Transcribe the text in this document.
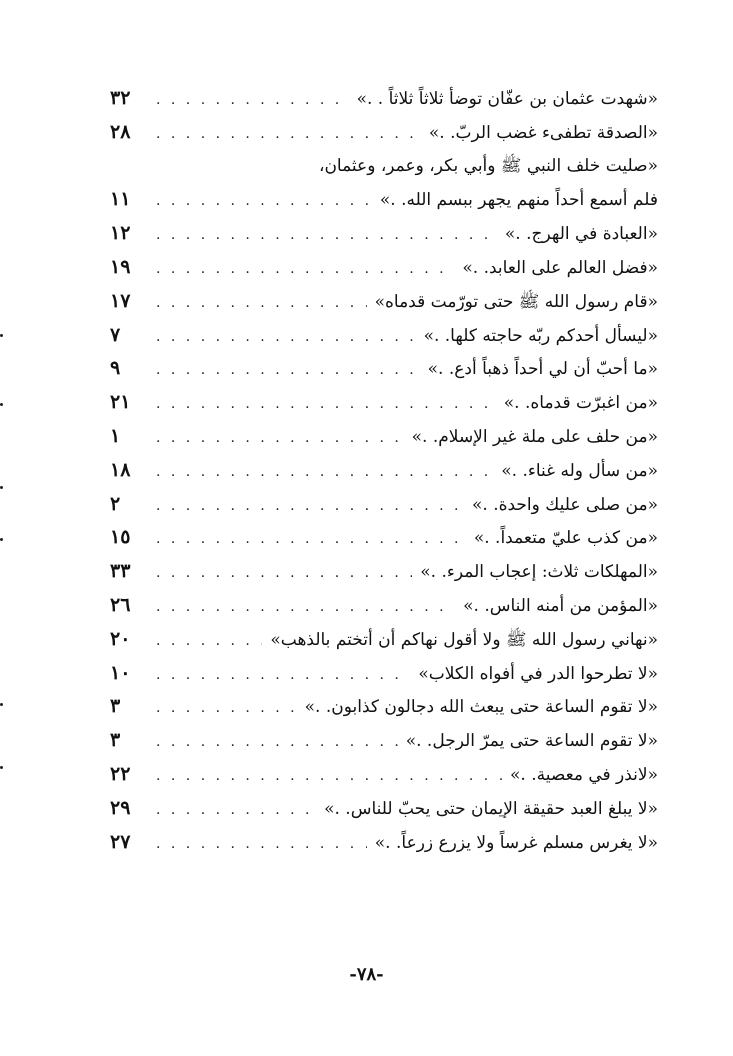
«شهدت عثمان بن عفّان توضأ ثلاثاً ثلاثاً . .»
. . .
٣٢
«الصدقة تطفىء غضب الربّ. .»
. . .
٢٨
«صليت خلف النبي ﷺ وأبي بكر، وعمر، وعثمان،
فلم أسمع أحداً منهم يجهر ببسم الله. .»
. . .
١١
«العبادة في الهرج. .»
. . .
١٢
«فضل العالم على العابد. .»
. . .
١٩
«قام رسول الله ﷺ حتى تورّمت قدماه»
. . .
١٧
«ليسأل أحدكم ربّه حاجته كلها. .»
. . .
٧
«ما أحبّ أن لي أحداً ذهباً أدع. .»
. . .
٩
«من اغبرّت قدماه. .»
. . .
٢١
«من حلف على ملة غير الإسلام. .»
. . .
١
«من سأل وله غناء. .»
. . .
١٨
«من صلى عليك واحدة. .»
. . .
٢
«من كذب عليّ متعمداً. .»
. . .
١٥
«المهلكات ثلاث: إعجاب المرء. .»
. . .
٣٣
«المؤمن من أمنه الناس. .»
. . .
٢٦
«نهاني رسول الله ﷺ ولا أقول نهاكم أن أتختم بالذهب»
. . .
٢٠
«لا تطرحوا الدر في أفواه الكلاب»
. . .
١٠
«لا تقوم الساعة حتى يبعث الله دجالون كذابون. .»
. . .
٣
«لا تقوم الساعة حتى يمرّ الرجل. .»
. . .
٣
«لانذر في معصية. .»
. . .
٢٢
«لا يبلغ العبد حقيقة الإيمان حتى يحبّ للناس. .»
. . .
٢٩
«لا يغرس مسلم غرساً ولا يزرع زرعاً. .»
. . .
٢٧
-٧٨-
